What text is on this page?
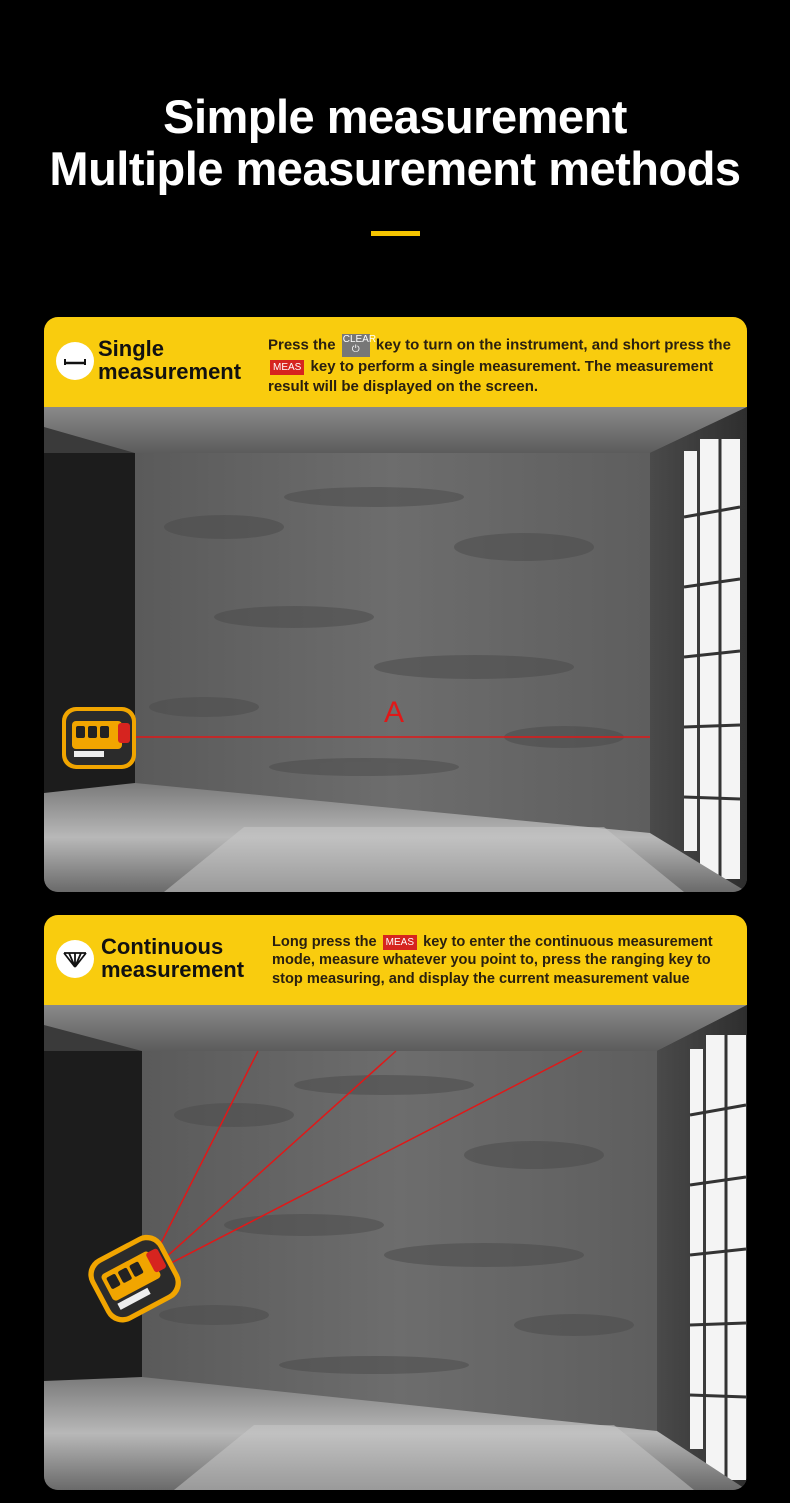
Simple measurement
Multiple measurement methods
Single
measurement
Press the CLEAR
⏻ key to turn on the instrument, and short press the MEAS key to perform a single measurement. The measurement result will be displayed on the screen.
A
Continuous
measurement
Long press the MEAS key to enter the continuous measurement mode, measure whatever you point to, press the ranging key to stop measuring, and display the current measurement value
